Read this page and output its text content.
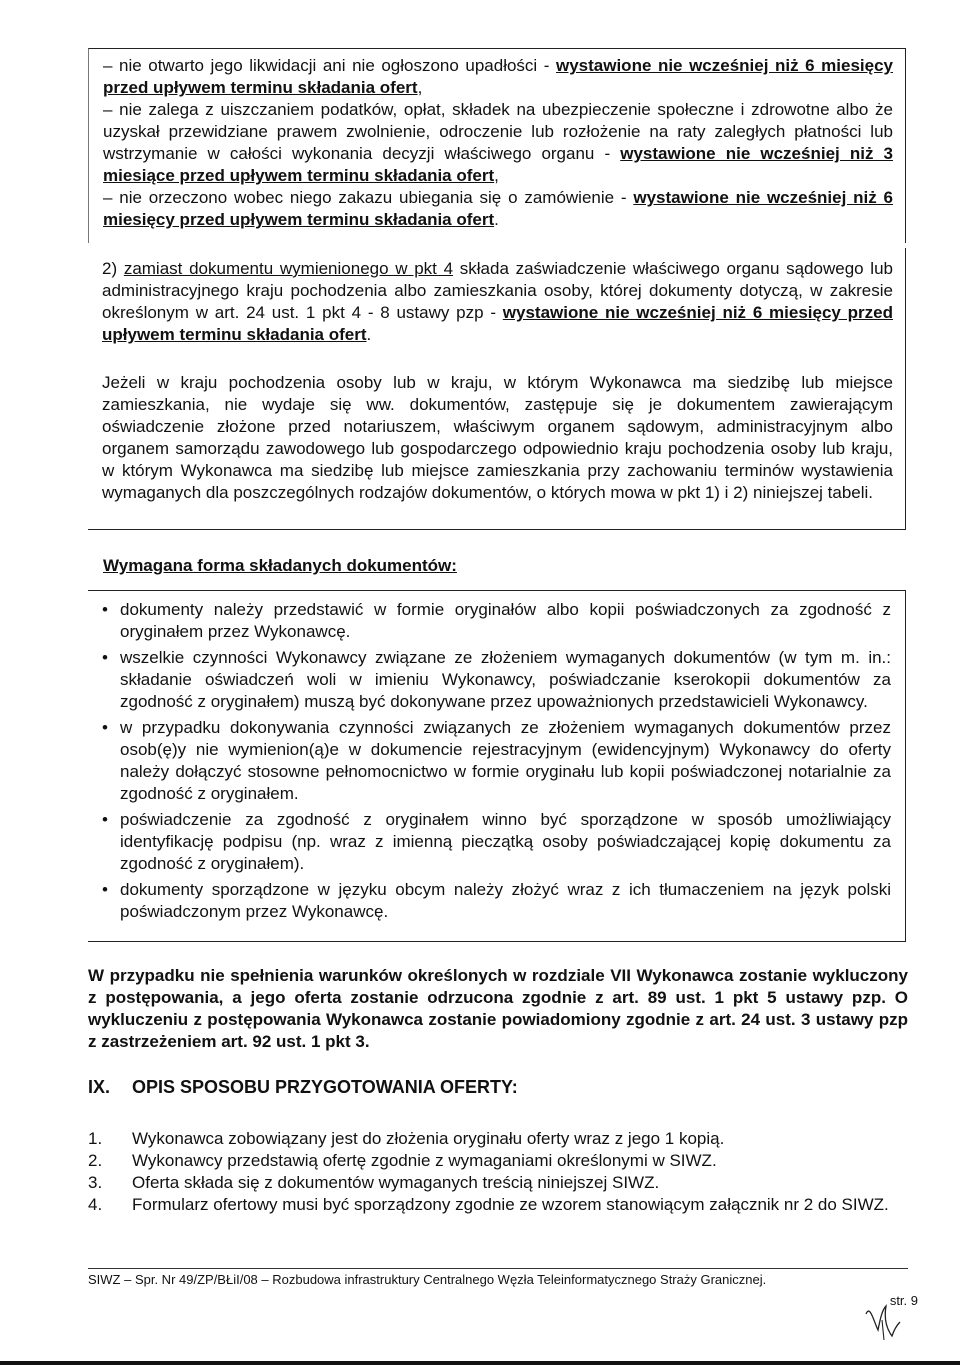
– nie otwarto jego likwidacji ani nie ogłoszono upadłości - wystawione nie wcześniej niż 6 miesięcy przed upływem terminu składania ofert,

– nie zalega z uiszczaniem podatków, opłat, składek na ubezpieczenie społeczne i zdrowotne albo że uzyskał przewidziane prawem zwolnienie, odroczenie lub rozłożenie na raty zaległych płatności lub wstrzymanie w całości wykonania decyzji właściwego organu - wystawione nie wcześniej niż 3 miesiące przed upływem terminu składania ofert,

– nie orzeczono wobec niego zakazu ubiegania się o zamówienie - wystawione nie wcześniej niż 6 miesięcy przed upływem terminu składania ofert.

2) zamiast dokumentu wymienionego w pkt 4 składa zaświadczenie właściwego organu sądowego lub administracyjnego kraju pochodzenia albo zamieszkania osoby, której dokumenty dotyczą, w zakresie określonym w art. 24 ust. 1 pkt 4 - 8 ustawy pzp - wystawione nie wcześniej niż 6 miesięcy przed upływem terminu składania ofert.

Jeżeli w kraju pochodzenia osoby lub w kraju, w którym Wykonawca ma siedzibę lub miejsce zamieszkania, nie wydaje się ww. dokumentów, zastępuje się je dokumentem zawierającym oświadczenie złożone przed notariuszem, właściwym organem sądowym, administracyjnym albo organem samorządu zawodowego lub gospodarczego odpowiednio kraju pochodzenia osoby lub kraju, w którym Wykonawca ma siedzibę lub miejsce zamieszkania przy zachowaniu terminów wystawienia wymaganych dla poszczególnych rodzajów dokumentów, o których mowa w pkt 1) i 2) niniejszej tabeli.

Wymagana forma składanych dokumentów:
• dokumenty należy przedstawić w formie oryginałów albo kopii poświadczonych za zgodność z oryginałem przez Wykonawcę.
• wszelkie czynności Wykonawcy związane ze złożeniem wymaganych dokumentów (w tym m. in.: składanie oświadczeń woli w imieniu Wykonawcy, poświadczanie kserokopii dokumentów za zgodność z oryginałem) muszą być dokonywane przez upoważnionych przedstawicieli Wykonawcy.
• w przypadku dokonywania czynności związanych ze złożeniem wymaganych dokumentów przez osob(ę)y nie wymienion(ą)e w dokumencie rejestracyjnym (ewidencyjnym) Wykonawcy do oferty należy dołączyć stosowne pełnomocnictwo w formie oryginału lub kopii poświadczonej notarialnie za zgodność z oryginałem.
• poświadczenie za zgodność z oryginałem winno być sporządzone w sposób umożliwiający identyfikację podpisu (np. wraz z imienną pieczątką osoby poświadczającej kopię dokumentu za zgodność z oryginałem).
• dokumenty sporządzone w języku obcym należy złożyć wraz z ich tłumaczeniem na język polski poświadczonym przez Wykonawcę.
W przypadku nie spełnienia warunków określonych w rozdziale VII Wykonawca zostanie wykluczony z postępowania, a jego oferta zostanie odrzucona zgodnie z art. 89 ust. 1 pkt 5 ustawy pzp. O wykluczeniu z postępowania Wykonawca zostanie powiadomiony zgodnie z art. 24 ust. 3 ustawy pzp z zastrzeżeniem art. 92 ust. 1 pkt 3.
IX. OPIS SPOSOBU PRZYGOTOWANIA OFERTY:
1. Wykonawca zobowiązany jest do złożenia oryginału oferty wraz z jego 1 kopią.
2. Wykonawcy przedstawią ofertę zgodnie z wymaganiami określonymi w SIWZ.
3. Oferta składa się z dokumentów wymaganych treścią niniejszej SIWZ.
4. Formularz ofertowy musi być sporządzony zgodnie ze wzorem stanowiącym załącznik nr 2 do SIWZ.
SIWZ – Spr. Nr 49/ZP/BŁiI/08 – Rozbudowa infrastruktury Centralnego Węzła Teleinformatycznego Straży Granicznej.
str. 9
